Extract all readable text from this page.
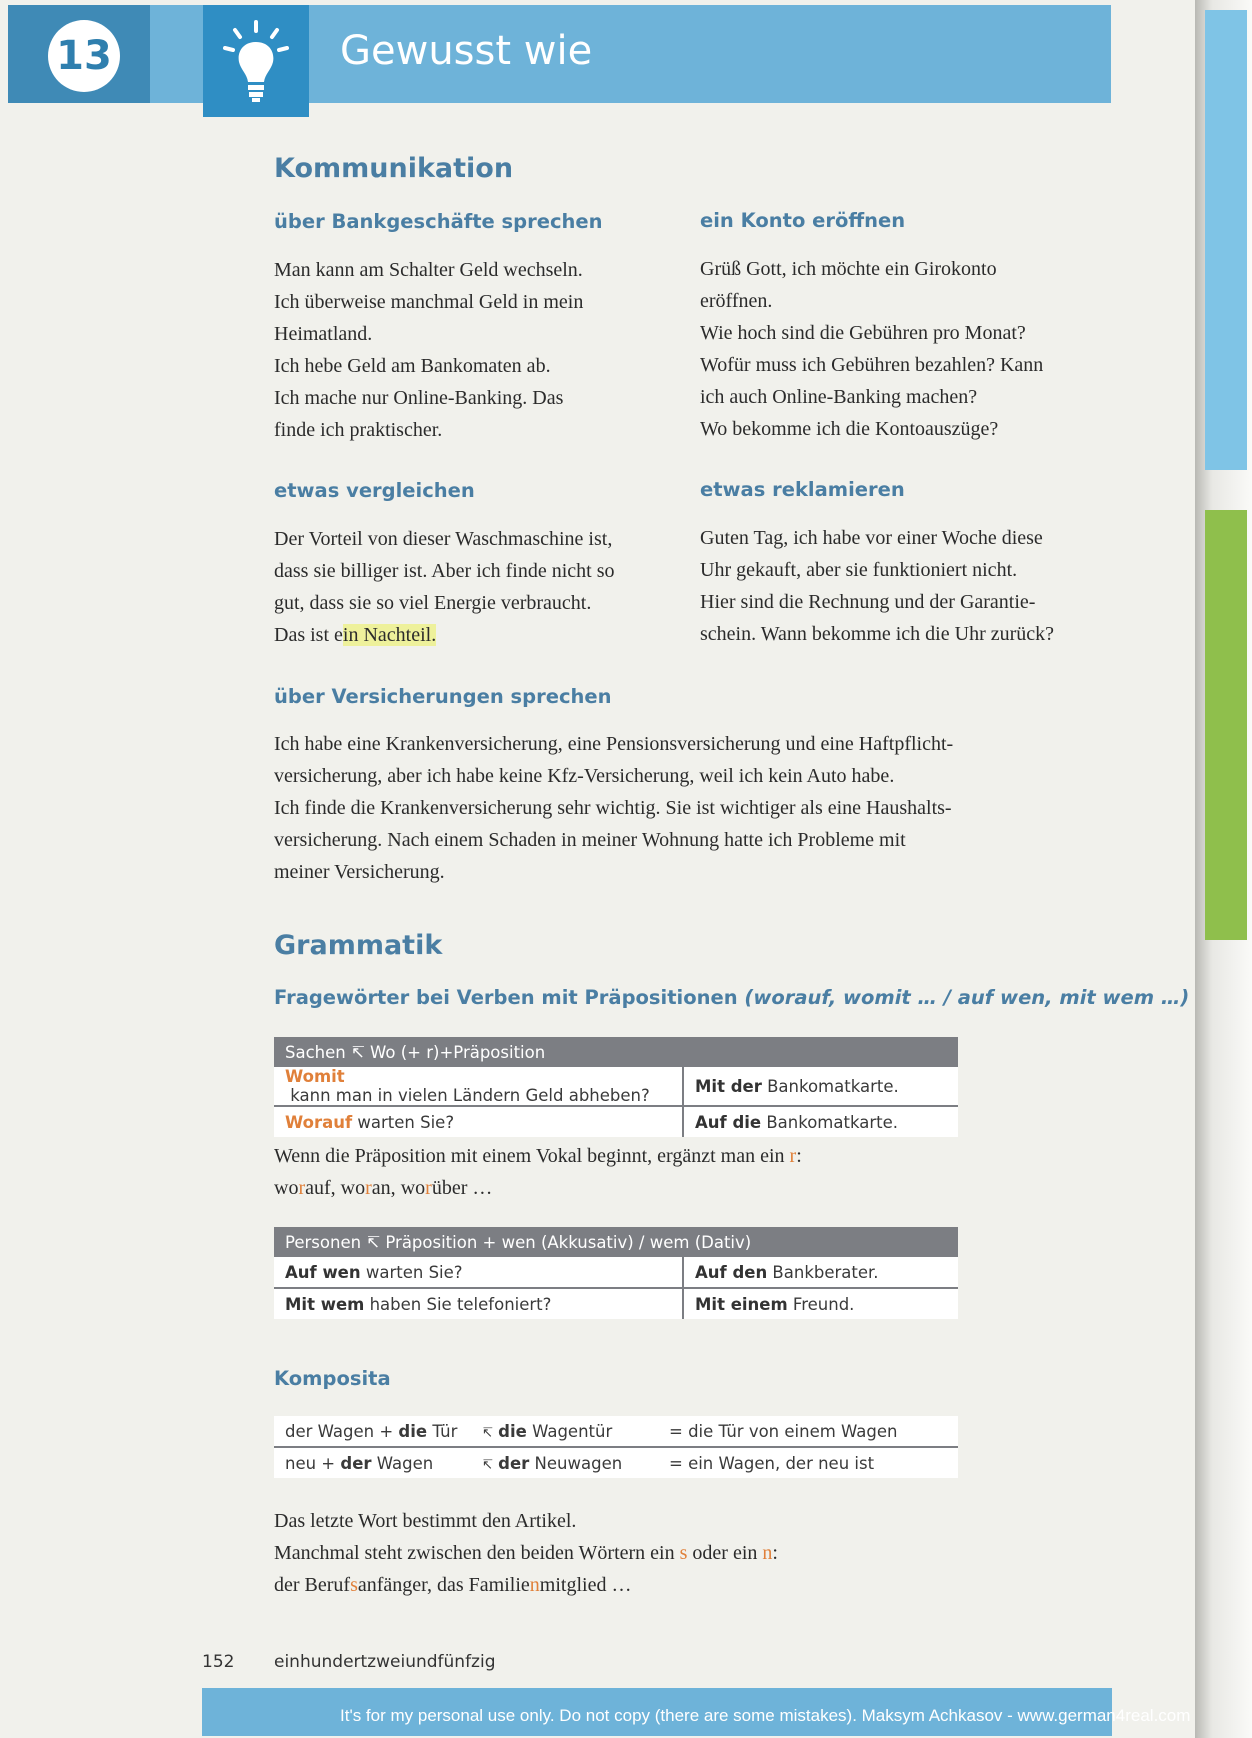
13	Gewusst wie
Kommunikation
über Bankgeschäfte sprechen
Man kann am Schalter Geld wechseln.
Ich überweise manchmal Geld in mein
Heimatland.
Ich hebe Geld am Bankomaten ab.
Ich mache nur Online-Banking. Das
finde ich praktischer.
ein Konto eröffnen
Grüß Gott, ich möchte ein Girokonto
eröffnen.
Wie hoch sind die Gebühren pro Monat?
Wofür muss ich Gebühren bezahlen? Kann
ich auch Online-Banking machen?
Wo bekomme ich die Kontoauszüge?
etwas vergleichen
Der Vorteil von dieser Waschmaschine ist,
dass sie billiger ist. Aber ich finde nicht so
gut, dass sie so viel Energie verbraucht.
Das ist ein Nachteil.
etwas reklamieren
Guten Tag, ich habe vor einer Woche diese
Uhr gekauft, aber sie funktioniert nicht.
Hier sind die Rechnung und der Garantie-
schein. Wann bekomme ich die Uhr zurück?
über Versicherungen sprechen
Ich habe eine Krankenversicherung, eine Pensionsversicherung und eine Haftpflicht-
versicherung, aber ich habe keine Kfz-Versicherung, weil ich kein Auto habe.
Ich finde die Krankenversicherung sehr wichtig. Sie ist wichtiger als eine Haushalts-
versicherung. Nach einem Schaden in meiner Wohnung hatte ich Probleme mit
meiner Versicherung.
Grammatik
Fragewörter bei Verben mit Präpositionen (worauf, womit … / auf wen, mit wem …)
Sachen ↸ Wo (+ r)+Präposition	
Womit kann man in vielen Ländern Geld abheben?	Mit der Bankomatkarte.
Worauf warten Sie?	Auf die Bankomatkarte.
Wenn die Präposition mit einem Vokal beginnt, ergänzt man ein r:
worauf, woran, worüber …
Personen ↸ Präposition + wen (Akkusativ) / wem (Dativ)	
Auf wen warten Sie?	Auf den Bankberater.
Mit wem haben Sie telefoniert?	Mit einem Freund.
Komposita
der Wagen + die Tür	↸ die Wagentür	= die Tür von einem Wagen
neu + der Wagen	↸ der Neuwagen	= ein Wagen, der neu ist
Das letzte Wort bestimmt den Artikel.
Manchmal steht zwischen den beiden Wörtern ein s oder ein n:
der Berufsanfänger, das Familienmitglied …
152 einhundertzweiundfünfzig
It's for my personal use only. Do not copy (there are some mistakes). Maksym Achkasov - www.german4real.com
